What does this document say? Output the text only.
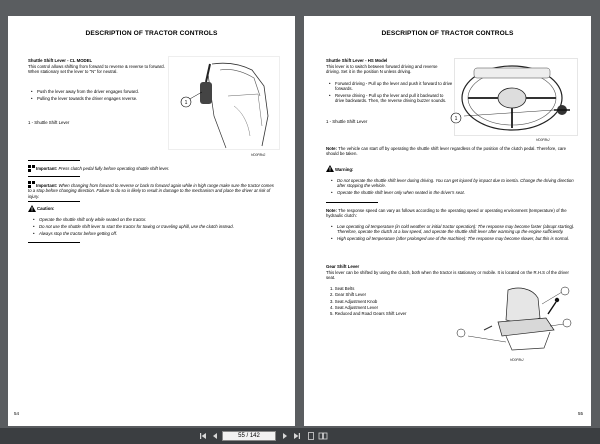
DESCRIPTION OF TRACTOR CONTROLS
Shuttle Shift Lever - CL MODEL
This control allows shifting from forward to reverse & reverse to forward. When stationary set the lever to "N" for neutral.
• Push the lever away from the driver engages forward.
• Pulling the lever towards the driver engages reverse.
1 - Shuttle Shift Lever
1
HD0P8kG
Important: Press clutch pedal fully before operating shuttle shift lever.
Important: When changing from forward to reverse or back to forward again while in high range make sure the tractor comes to a stop before changing direction. Failure to do so is likely to result in damage to the mechanism and place the driver at risk of injury.
Caution:
• Operate the shuttle shift only while seated on the tractor.
• Do not use the shuttle shift lever to start the tractor for towing or traveling uphill, use the clutch instead.
• Always stop the tractor before getting off.
54
DESCRIPTION OF TRACTOR CONTROLS
Shuttle Shift Lever - HS Model
This lever is to switch between forward driving and reverse driving. Set it in the position N unless driving.
• Forward driving - Pull up the lever and push it forward to drive forwards.
• Reverse driving - Pull up the lever and pull it backward to drive backwards. Then, the reverse driving buzzer sounds.
1 - Shuttle Shift Lever	1
HD0P8kJ
Note: The vehicle can start off by operating the shuttle shift lever regardless of the position of the clutch pedal. Therefore, care should be taken.
Warning:
• Do not operate the shuttle shift lever during driving. You can get injured by impact due to inertia. Change the driving direction after stopping the vehicle.
• Operate the shuttle shift lever only when seated in the driver's seat.
Note: The response speed can vary as follows according to the operating speed or operating environment (temperature) of the hydraulic clutch:
• Low operating oil temperature (in cold weather or initial tractor operation): The response may become faster (abrupt starting). Therefore, operate the clutch at a low speed, and operate the shuttle shift lever after warming up the engine sufficiently.
• High operating oil temperature (after prolonged use of the machine): The response may become slower, but this is normal.
Gear Shift Lever
This lever can be shifted by using the clutch, both when the tractor is stationary or mobile. It is located on the R.H.S of the driver seat.
1. Seat Belts
2. Gear Shift Lever
3. Seat Adjustment Knob
4. Seat Adjustment Lever
5. Reduced and Road Gears Shift Lever
HD0P8kJ
55
55 / 142
